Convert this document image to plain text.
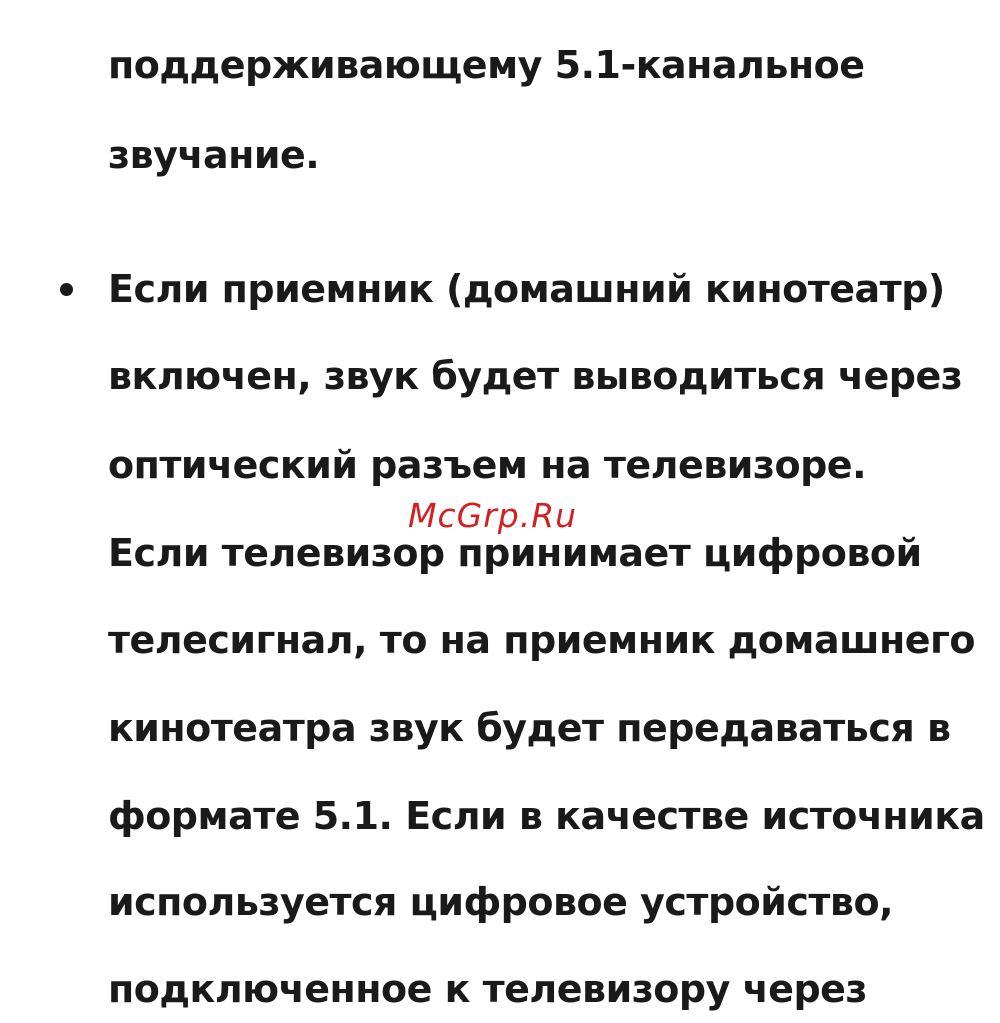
поддерживающему 5.1-канальное
звучание.
Если приемник (домашний кинотеатр)
включен, звук будет выводиться через
оптический разъем на телевизоре.
Если телевизор принимает цифровой
телесигнал, то на приемник домашнего
кинотеатра звук будет передаваться в
формате 5.1. Если в качестве источника
используется цифровое устройство,
подключенное к телевизору через
McGrp.Ru
